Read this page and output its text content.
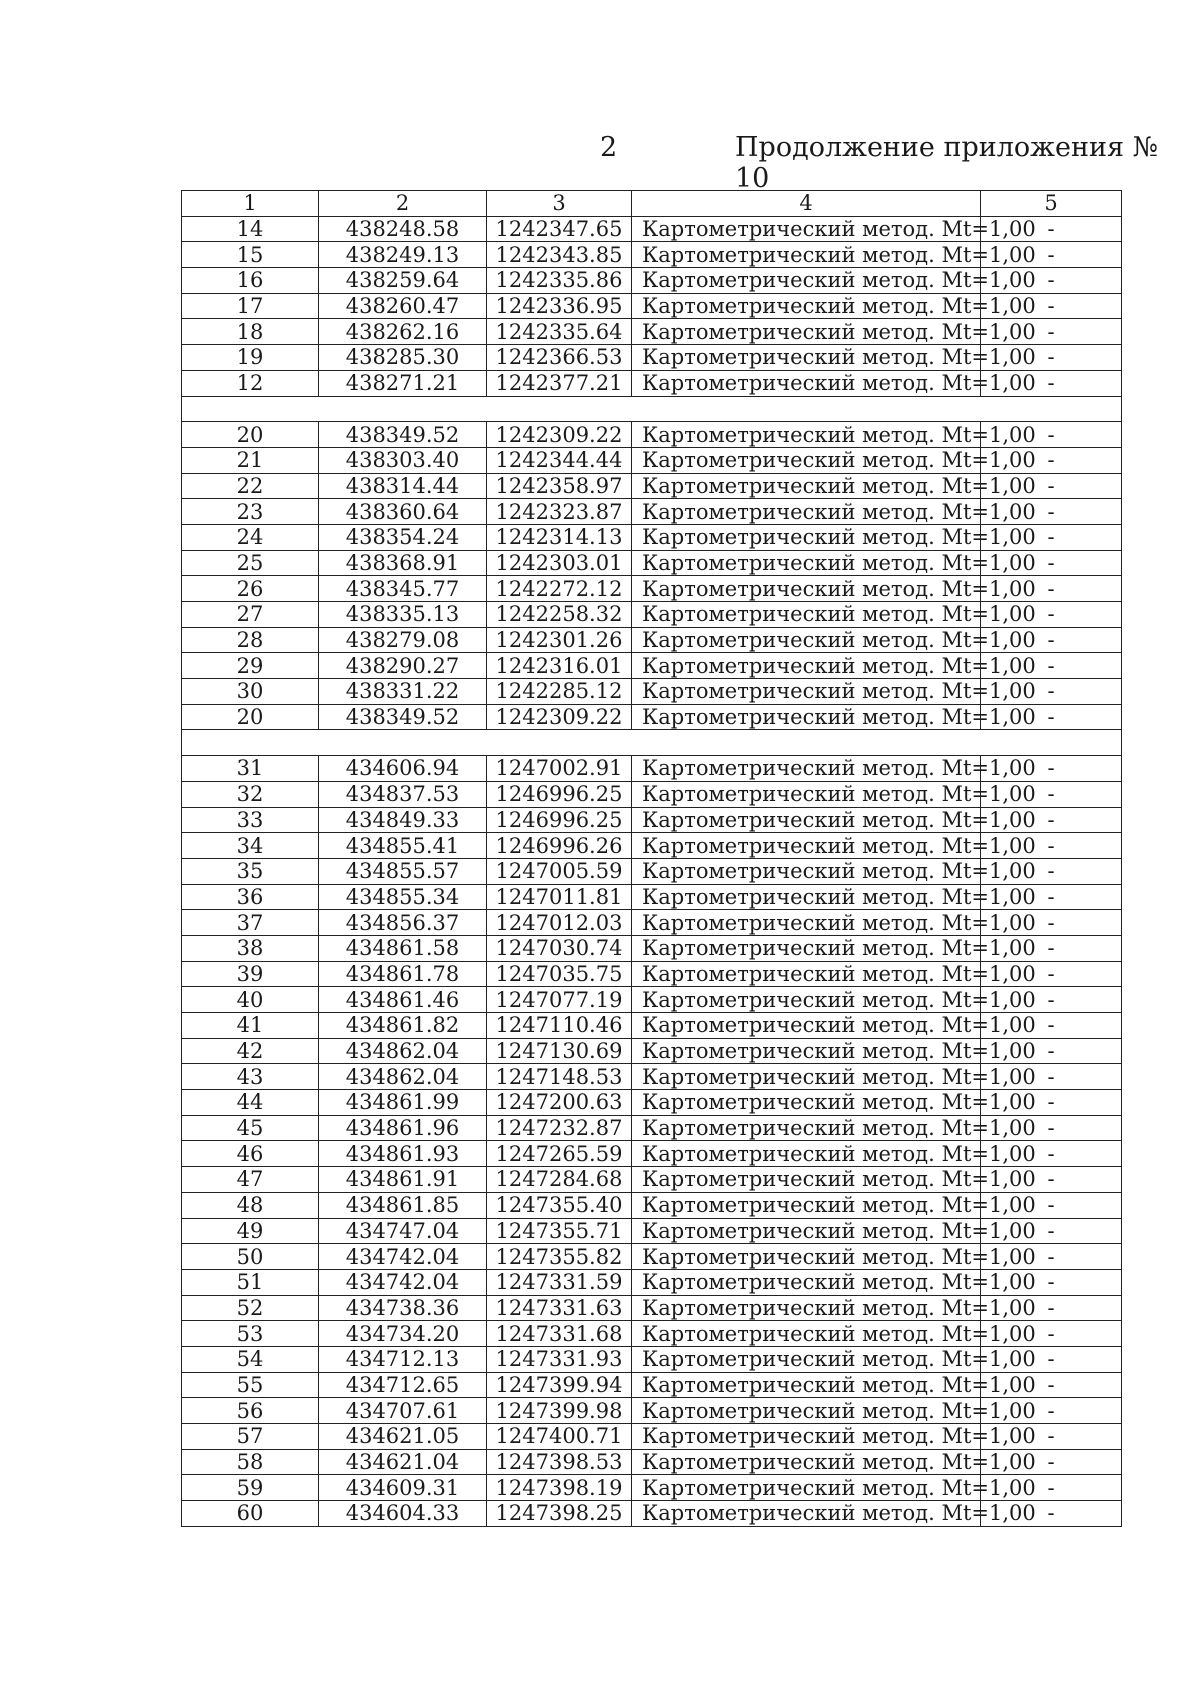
2	Продолжение приложения № 10
1	2	3	4	5
14	438248.58	1242347.65	Картометрический метод. Mt=1,00	-
15	438249.13	1242343.85	Картометрический метод. Mt=1,00	-
16	438259.64	1242335.86	Картометрический метод. Mt=1,00	-
17	438260.47	1242336.95	Картометрический метод. Mt=1,00	-
18	438262.16	1242335.64	Картометрический метод. Mt=1,00	-
19	438285.30	1242366.53	Картометрический метод. Mt=1,00	-
12	438271.21	1242377.21	Картометрический метод. Mt=1,00	-

20	438349.52	1242309.22	Картометрический метод. Mt=1,00	-
21	438303.40	1242344.44	Картометрический метод. Mt=1,00	-
22	438314.44	1242358.97	Картометрический метод. Mt=1,00	-
23	438360.64	1242323.87	Картометрический метод. Mt=1,00	-
24	438354.24	1242314.13	Картометрический метод. Mt=1,00	-
25	438368.91	1242303.01	Картометрический метод. Mt=1,00	-
26	438345.77	1242272.12	Картометрический метод. Mt=1,00	-
27	438335.13	1242258.32	Картометрический метод. Mt=1,00	-
28	438279.08	1242301.26	Картометрический метод. Mt=1,00	-
29	438290.27	1242316.01	Картометрический метод. Mt=1,00	-
30	438331.22	1242285.12	Картометрический метод. Mt=1,00	-
20	438349.52	1242309.22	Картометрический метод. Mt=1,00	-

31	434606.94	1247002.91	Картометрический метод. Mt=1,00	-
32	434837.53	1246996.25	Картометрический метод. Mt=1,00	-
33	434849.33	1246996.25	Картометрический метод. Mt=1,00	-
34	434855.41	1246996.26	Картометрический метод. Mt=1,00	-
35	434855.57	1247005.59	Картометрический метод. Mt=1,00	-
36	434855.34	1247011.81	Картометрический метод. Mt=1,00	-
37	434856.37	1247012.03	Картометрический метод. Mt=1,00	-
38	434861.58	1247030.74	Картометрический метод. Mt=1,00	-
39	434861.78	1247035.75	Картометрический метод. Mt=1,00	-
40	434861.46	1247077.19	Картометрический метод. Mt=1,00	-
41	434861.82	1247110.46	Картометрический метод. Mt=1,00	-
42	434862.04	1247130.69	Картометрический метод. Mt=1,00	-
43	434862.04	1247148.53	Картометрический метод. Mt=1,00	-
44	434861.99	1247200.63	Картометрический метод. Mt=1,00	-
45	434861.96	1247232.87	Картометрический метод. Mt=1,00	-
46	434861.93	1247265.59	Картометрический метод. Mt=1,00	-
47	434861.91	1247284.68	Картометрический метод. Mt=1,00	-
48	434861.85	1247355.40	Картометрический метод. Mt=1,00	-
49	434747.04	1247355.71	Картометрический метод. Mt=1,00	-
50	434742.04	1247355.82	Картометрический метод. Mt=1,00	-
51	434742.04	1247331.59	Картометрический метод. Mt=1,00	-
52	434738.36	1247331.63	Картометрический метод. Mt=1,00	-
53	434734.20	1247331.68	Картометрический метод. Mt=1,00	-
54	434712.13	1247331.93	Картометрический метод. Mt=1,00	-
55	434712.65	1247399.94	Картометрический метод. Mt=1,00	-
56	434707.61	1247399.98	Картометрический метод. Mt=1,00	-
57	434621.05	1247400.71	Картометрический метод. Mt=1,00	-
58	434621.04	1247398.53	Картометрический метод. Mt=1,00	-
59	434609.31	1247398.19	Картометрический метод. Mt=1,00	-
60	434604.33	1247398.25	Картометрический метод. Mt=1,00	-
